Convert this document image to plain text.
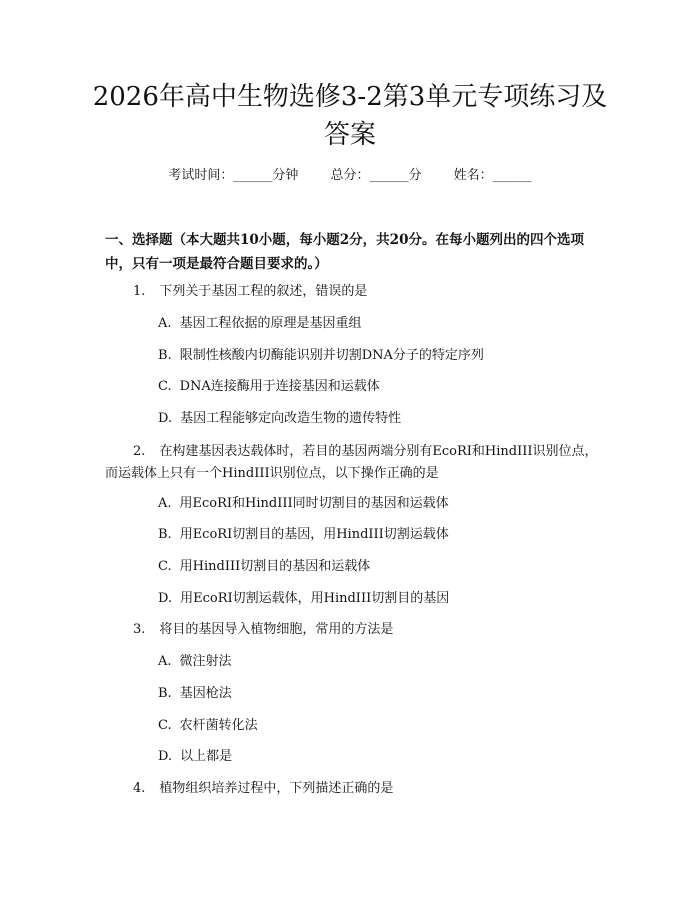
2026年高中生物选修3-2第3单元专项练习及答案
考试时间：______分钟 总分：______分 姓名：______

一、选择题（本大题共10小题，每小题2分，共20分。在每小题列出的四个选项中，只有一项是最符合题目要求的。）

1. 下列关于基因工程的叙述，错误的是

A. 基因工程依据的原理是基因重组

B. 限制性核酸内切酶能识别并切割DNA分子的特定序列

C. DNA连接酶用于连接基因和运载体

D. 基因工程能够定向改造生物的遗传特性

2. 在构建基因表达载体时，若目的基因两端分别有EcoRI和HindIII识别位点，而运载体上只有一个HindIII识别位点，以下操作正确的是

A. 用EcoRI和HindIII同时切割目的基因和运载体

B. 用EcoRI切割目的基因，用HindIII切割运载体

C. 用HindIII切割目的基因和运载体

D. 用EcoRI切割运载体，用HindIII切割目的基因

3. 将目的基因导入植物细胞，常用的方法是

A. 微注射法

B. 基因枪法

C. 农杆菌转化法

D. 以上都是

4. 植物组织培养过程中，下列描述正确的是
